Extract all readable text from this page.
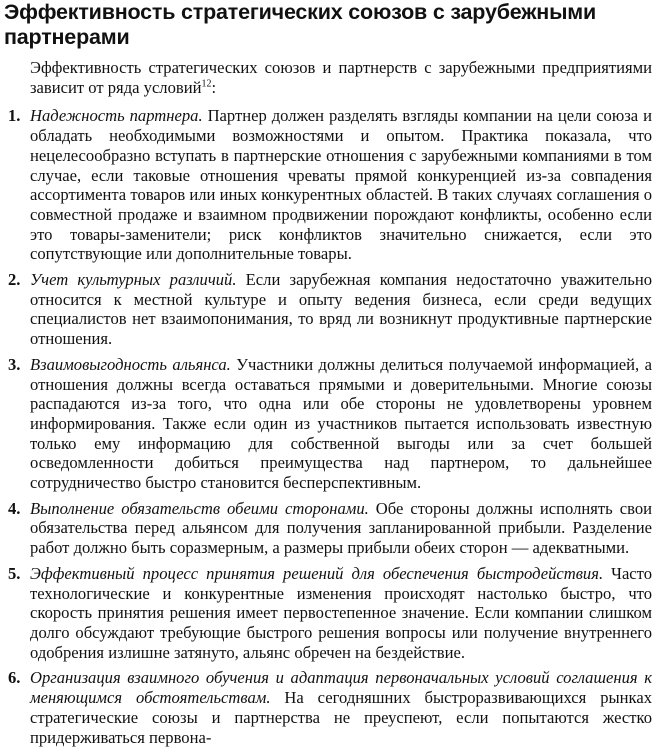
Эффективность стратегических союзов с зарубежными партнерами

Эффективность стратегических союзов и партнерств с зарубежными предприятиями зависит от ряда условий$^{12}$:

1. Надежность партнера. Партнер должен разделять взгляды компании на цели союза и обладать необходимыми возможностями и опытом. Практика показала, что нецелесообразно вступать в партнерские отношения с зарубежными компаниями в том случае, если таковые отношения чреваты прямой конкуренцией из-за совпадения ассортимента товаров или иных конкурентных областей. В таких случаях соглашения о совместной продаже и взаимном продвижении порождают конфликты, особенно если это товары-заменители; риск конфликтов значительно снижается, если это сопутствующие или дополнительные товары.
2. Учет культурных различий. Если зарубежная компания недостаточно уважительно относится к местной культуре и опыту ведения бизнеса, если среди ведущих специалистов нет взаимопонимания, то вряд ли возникнут продуктивные партнерские отношения.
3. Взаимовыгодность альянса. Участники должны делиться получаемой информацией, а отношения должны всегда оставаться прямыми и доверительными. Многие союзы распадаются из-за того, что одна или обе стороны не удовлетворены уровнем информирования. Также если один из участников пытается использовать известную только ему информацию для собственной выгоды или за счет большей осведомленности добиться преимущества над партнером, то дальнейшее сотрудничество быстро становится бесперспективным.
4. Выполнение обязательств обеими сторонами. Обе стороны должны исполнять свои обязательства перед альянсом для получения запланированной прибыли. Разделение работ должно быть соразмерным, а размеры прибыли обеих сторон — адекватными.
5. Эффективный процесс принятия решений для обеспечения быстродействия. Часто технологические и конкурентные изменения происходят настолько быстро, что скорость принятия решения имеет первостепенное значение. Если компании слишком долго обсуждают требующие быстрого решения вопросы или получение внутреннего одобрения излишне затянуто, альянс обречен на бездействие.
6. Организация взаимного обучения и адаптация первоначальных условий соглашения к меняющимся обстоятельствам. На сегодняшних быстроразвивающихся рынках стратегические союзы и партнерства не преуспеют, если попытаются жестко придерживаться первона-
